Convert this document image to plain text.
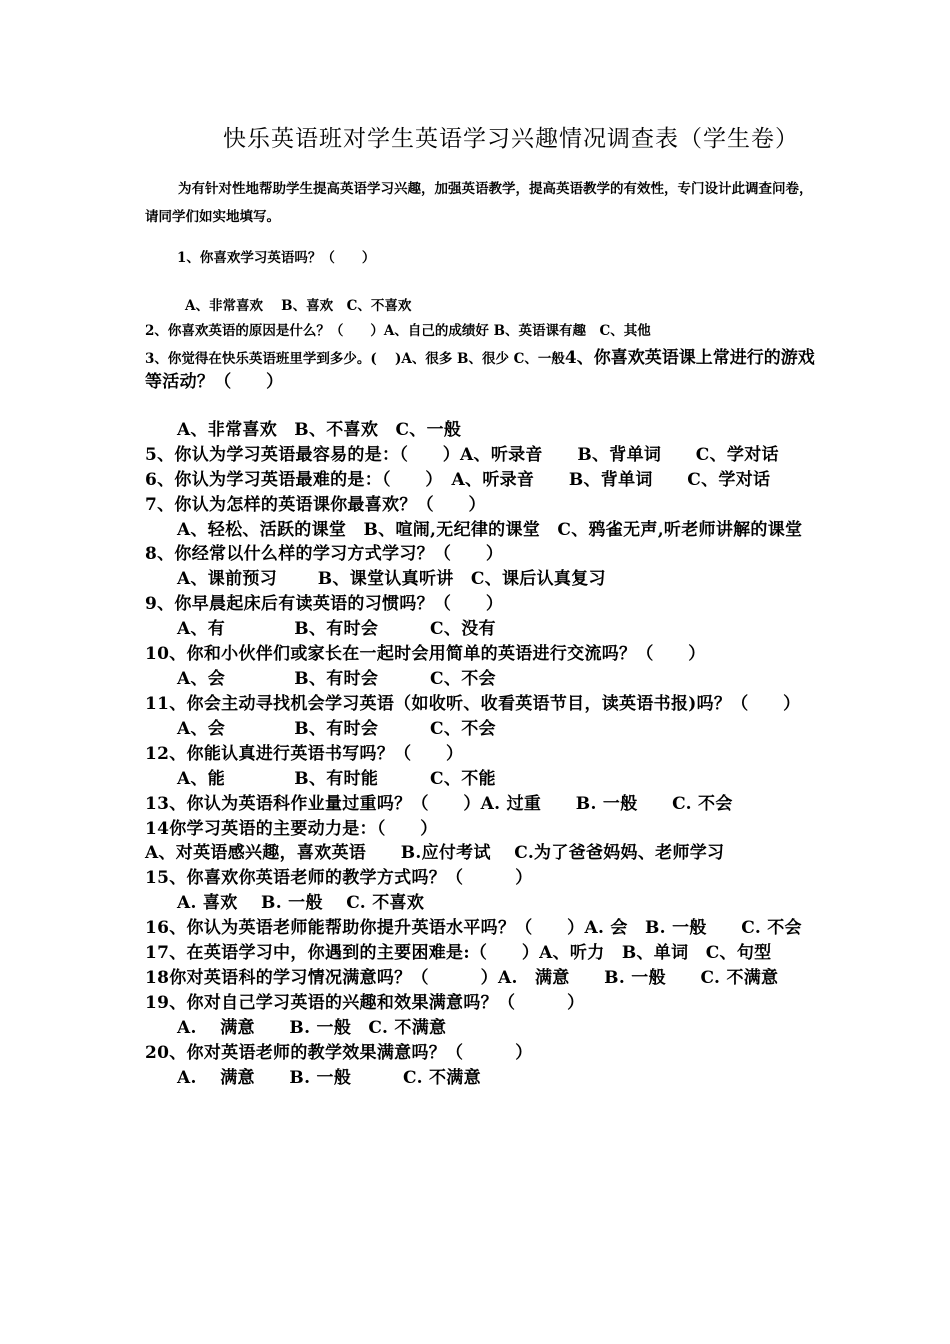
快乐英语班对学生英语学习兴趣情况调查表（学生卷）
为有针对性地帮助学生提高英语学习兴趣，加强英语教学，提高英语教学的有效性，专门设计此调查问卷，请同学们如实地填写。
1、你喜欢学习英语吗？（　　）
A、非常喜欢　 B、喜欢　C、不喜欢
2、你喜欢英语的原因是什么？（　　）A、自己的成绩好 B、英语课有趣　C、其他
3、你觉得在快乐英语班里学到多少。(　 )A、很多 B、很少 C、一般4、你喜欢英语课上常进行的游戏
等活动？（　　）
A、非常喜欢　B、不喜欢　C、一般
5、你认为学习英语最容易的是：（　　）A、听录音　　B、背单词　　C、学对话
6、你认为学习英语最难的是：（　　）　A、听录音　　B、背单词　　C、学对话
7、你认为怎样的英语课你最喜欢？（　　）
A、轻松、活跃的课堂　B、喧闹,无纪律的课堂　C、鸦雀无声,听老师讲解的课堂
8、你经常以什么样的学习方式学习？（　　）
A、课前预习　　 B、课堂认真听讲　C、课后认真复习
9、你早晨起床后有读英语的习惯吗？（　　）
A、有　　　　B、有时会　　　C、没有
10、你和小伙伴们或家长在一起时会用简单的英语进行交流吗？（　　）
A、会　　　　B、有时会　　　C、不会
11、你会主动寻找机会学习英语（如收听、收看英语节目，读英语书报)吗？（　　）
A、会　　　　B、有时会　　　C、不会
12、你能认真进行英语书写吗？（　　）
A、能　　　　B、有时能　　　C、不能
13、你认为英语科作业量过重吗？（　　）A. 过重　　B. 一般　　C. 不会
14你学习英语的主要动力是：（　　）
A、对英语感兴趣，喜欢英语　　B.应付考试　 C.为了爸爸妈妈、老师学习
15、你喜欢你英语老师的教学方式吗？（　　　）
A. 喜欢　 B. 一般　 C. 不喜欢
16、你认为英语老师能帮助你提升英语水平吗？（　　）A. 会　B. 一般　　C. 不会
17、在英语学习中，你遇到的主要困难是:（　　）A、听力　B、单词　C、句型
18你对英语科的学习情况满意吗？（　　　）A.　满意　　B. 一般　　C. 不满意
19、你对自己学习英语的兴趣和效果满意吗？（　　　）
A.　 满意　　B. 一般　C. 不满意
20、你对英语老师的教学效果满意吗？（　　　）
A.　 满意　　B. 一般　　　C. 不满意
